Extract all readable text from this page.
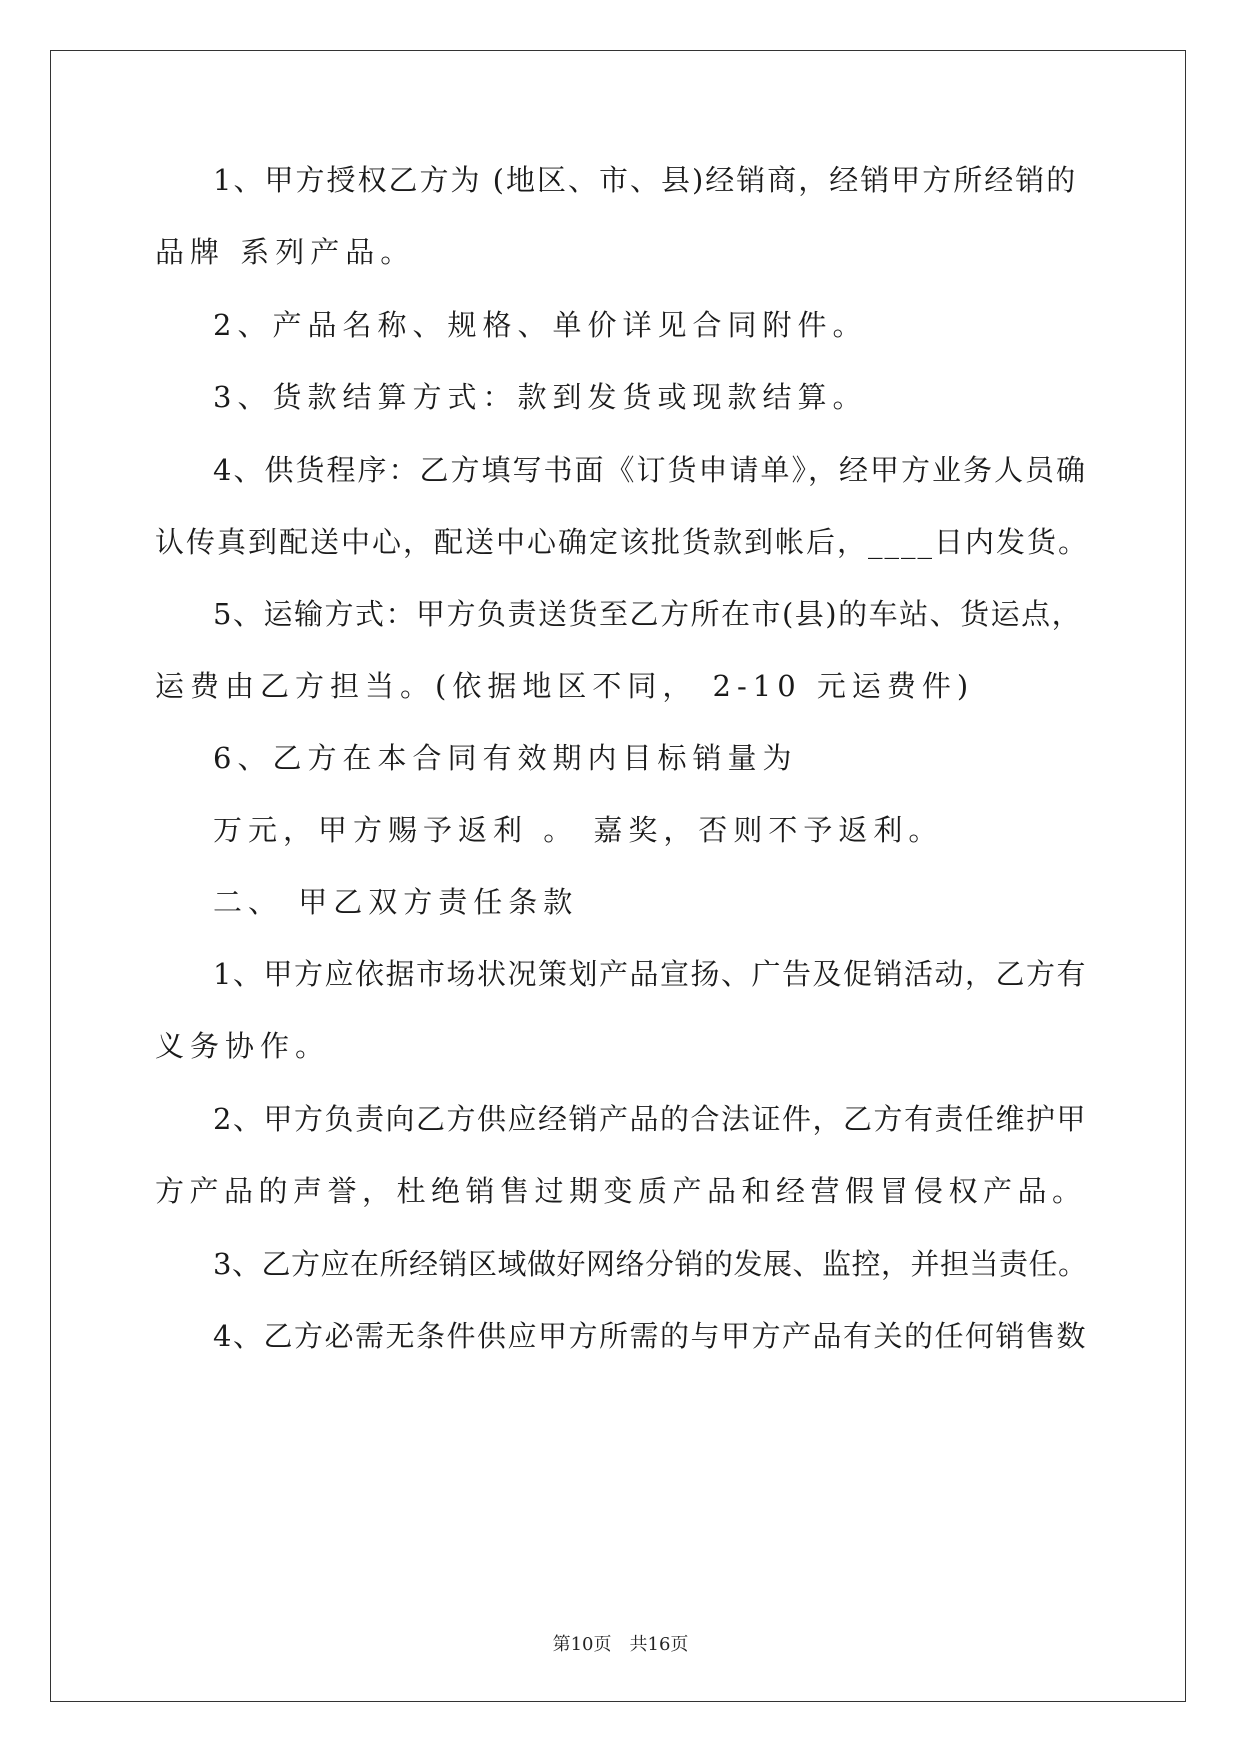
1、甲方授权乙方为 (地区、市、县)经销商，经销甲方所经销的
品牌 系列产品。
2、产品名称、规格、单价详见合同附件。
3、货款结算方式：款到发货或现款结算。
4、供货程序：乙方填写书面《订货申请单》，经甲方业务人员确
认传真到配送中心，配送中心确定该批货款到帐后，____日内发货。
5、运输方式：甲方负责送货至乙方所在市(县)的车站、货运点，
运费由乙方担当。(依据地区不同， 2-10 元运费件)
6、乙方在本合同有效期内目标销量为
万元，甲方赐予返利 。 嘉奖，否则不予返利。
二、 甲乙双方责任条款
1、甲方应依据市场状况策划产品宣扬、广告及促销活动，乙方有
义务协作。
2、甲方负责向乙方供应经销产品的合法证件，乙方有责任维护甲
方产品的声誉，杜绝销售过期变质产品和经营假冒侵权产品。
3、乙方应在所经销区域做好网络分销的发展、监控，并担当责任。
4、乙方必需无条件供应甲方所需的与甲方产品有关的任何销售数
第10页　共16页
